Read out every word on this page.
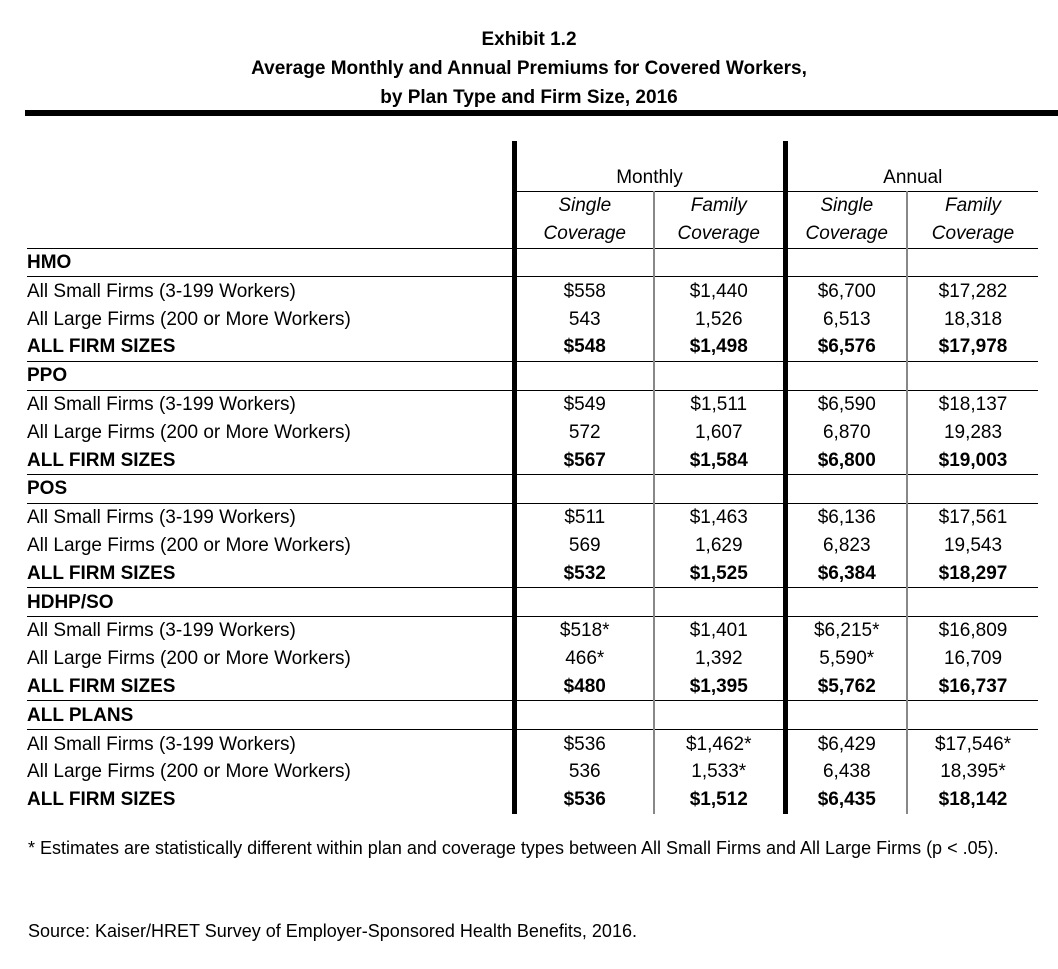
Exhibit 1.2
Average Monthly and Annual Premiums for Covered Workers,
by Plan Type and Firm Size, 2016
	Monthly		Annual	
	Single	Family	Single	Family
	Coverage	Coverage	Coverage	Coverage
HMO				
All Small Firms (3-199 Workers)	$558	$1,440	$6,700	$17,282
All Large Firms (200 or More Workers)	543	1,526	6,513	18,318
ALL FIRM SIZES	$548	$1,498	$6,576	$17,978
PPO				
All Small Firms (3-199 Workers)	$549	$1,511	$6,590	$18,137
All Large Firms (200 or More Workers)	572	1,607	6,870	19,283
ALL FIRM SIZES	$567	$1,584	$6,800	$19,003
POS				
All Small Firms (3-199 Workers)	$511	$1,463	$6,136	$17,561
All Large Firms (200 or More Workers)	569	1,629	6,823	19,543
ALL FIRM SIZES	$532	$1,525	$6,384	$18,297
HDHP/SO				
All Small Firms (3-199 Workers)	$518*	$1,401	$6,215*	$16,809
All Large Firms (200 or More Workers)	466*	1,392	5,590*	16,709
ALL FIRM SIZES	$480	$1,395	$5,762	$16,737
ALL PLANS				
All Small Firms (3-199 Workers)	$536	$1,462*	$6,429	$17,546*
All Large Firms (200 or More Workers)	536	1,533*	6,438	18,395*
ALL FIRM SIZES	$536	$1,512	$6,435	$18,142
* Estimates are statistically different within plan and coverage types between All Small Firms and All Large Firms (p < .05).
Source: Kaiser/HRET Survey of Employer-Sponsored Health Benefits, 2016.
